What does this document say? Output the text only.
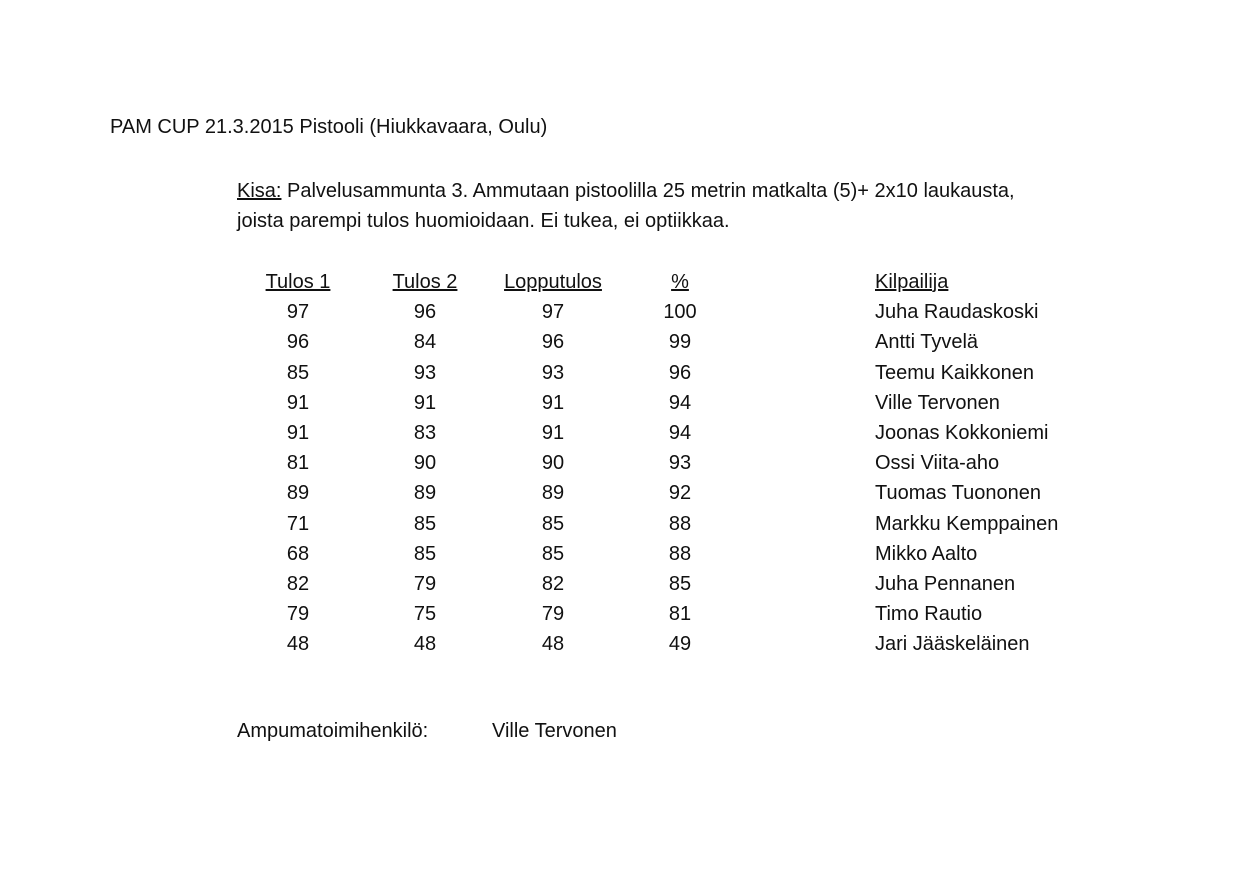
PAM CUP 21.3.2015 Pistooli (Hiukkavaara, Oulu)
Kisa: Palvelusammunta 3. Ammutaan pistoolilla 25 metrin matkalta (5)+ 2x10 laukausta,
joista parempi tulos huomioidaan. Ei tukea, ei optiikkaa.
Tulos 1	Tulos 2	Lopputulos	%	Kilpailija
97	96	97	100	Juha Raudaskoski
96	84	96	99	Antti Tyvelä
85	93	93	96	Teemu Kaikkonen
91	91	91	94	Ville Tervonen
91	83	91	94	Joonas Kokkoniemi
81	90	90	93	Ossi Viita-aho
89	89	89	92	Tuomas Tuononen
71	85	85	88	Markku Kemppainen
68	85	85	88	Mikko Aalto
82	79	82	85	Juha Pennanen
79	75	79	81	Timo Rautio
48	48	48	49	Jari Jääskeläinen
Ampumatoimihenkilö:	Ville Tervonen
